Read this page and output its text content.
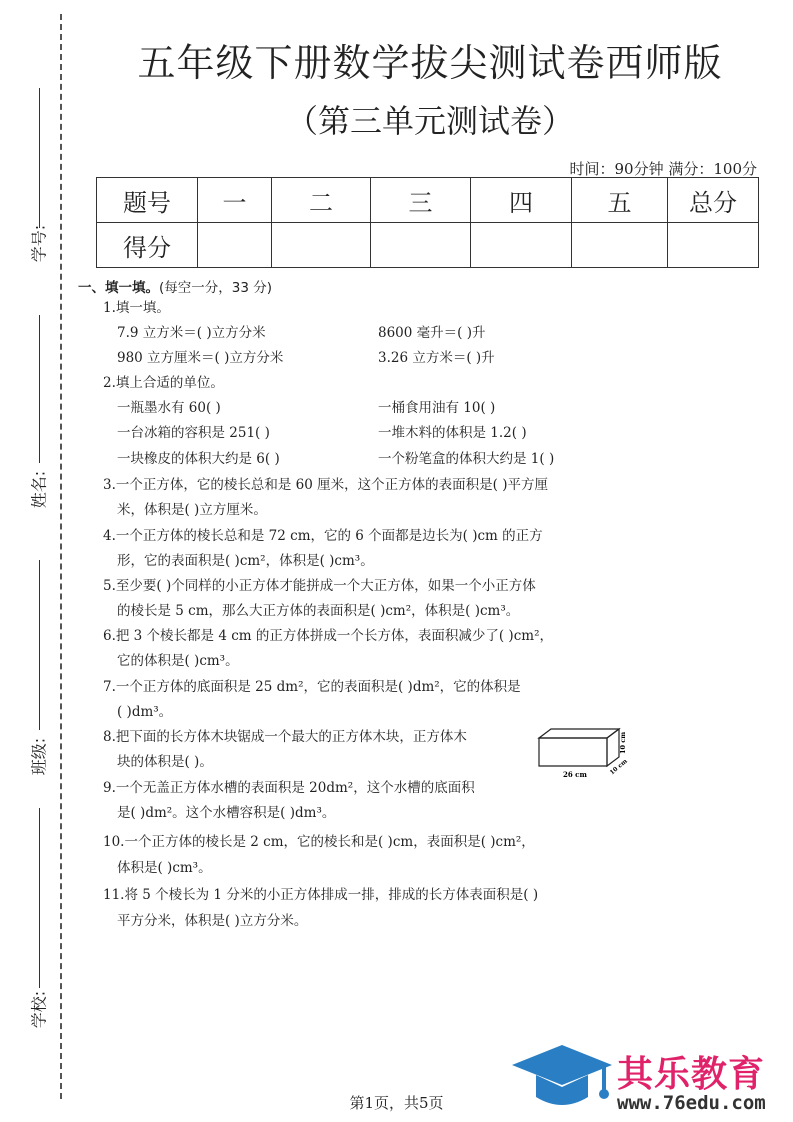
学号:
姓名:
班级:
学校:
五年级下册数学拔尖测试卷西师版
（第三单元测试卷）
时间：90分钟 满分：100分
题号	一	二	三	四	五	总分
得分						
一、填一填。(每空一分，33 分)
1.填一填。
7.9 立方米＝( )立方分米	8600 毫升＝( )升
980 立方厘米＝( )立方分米	3.26 立方米＝( )升
2.填上合适的单位。
一瓶墨水有 60( )	一桶食用油有 10( )
一台冰箱的容积是 251( )	一堆木料的体积是 1.2( )
一块橡皮的体积大约是 6( )	一个粉笔盒的体积大约是 1( )
3.一个正方体，它的棱长总和是 60 厘米，这个正方体的表面积是( )平方厘
米，体积是( )立方厘米。
4.一个正方体的棱长总和是 72 cm，它的 6 个面都是边长为( )cm 的正方
形，它的表面积是( )cm²，体积是( )cm³。
5.至少要( )个同样的小正方体才能拼成一个大正方体，如果一个小正方体
的棱长是 5 cm，那么大正方体的表面积是( )cm²，体积是( )cm³。
6.把 3 个棱长都是 4 cm 的正方体拼成一个长方体，表面积减少了( )cm²，
它的体积是( )cm³。
7.一个正方体的底面积是 25 dm²，它的表面积是( )dm²，它的体积是
( )dm³。
8.把下面的长方体木块锯成一个最大的正方体木块，正方体木
块的体积是( )。
9.一个无盖正方体水槽的表面积是 20dm²，这个水槽的底面积
是( )dm²。这个水槽容积是( )dm³。
10.一个正方体的棱长是 2 cm，它的棱长和是( )cm，表面积是( )cm²，
体积是( )cm³。
11.将 5 个棱长为 1 分米的小正方体排成一排，排成的长方体表面积是( )
平方分米，体积是( )立方分米。
26 cm
10 cm
10 cm
第1页，共5页
其乐教育
www.76edu.com
